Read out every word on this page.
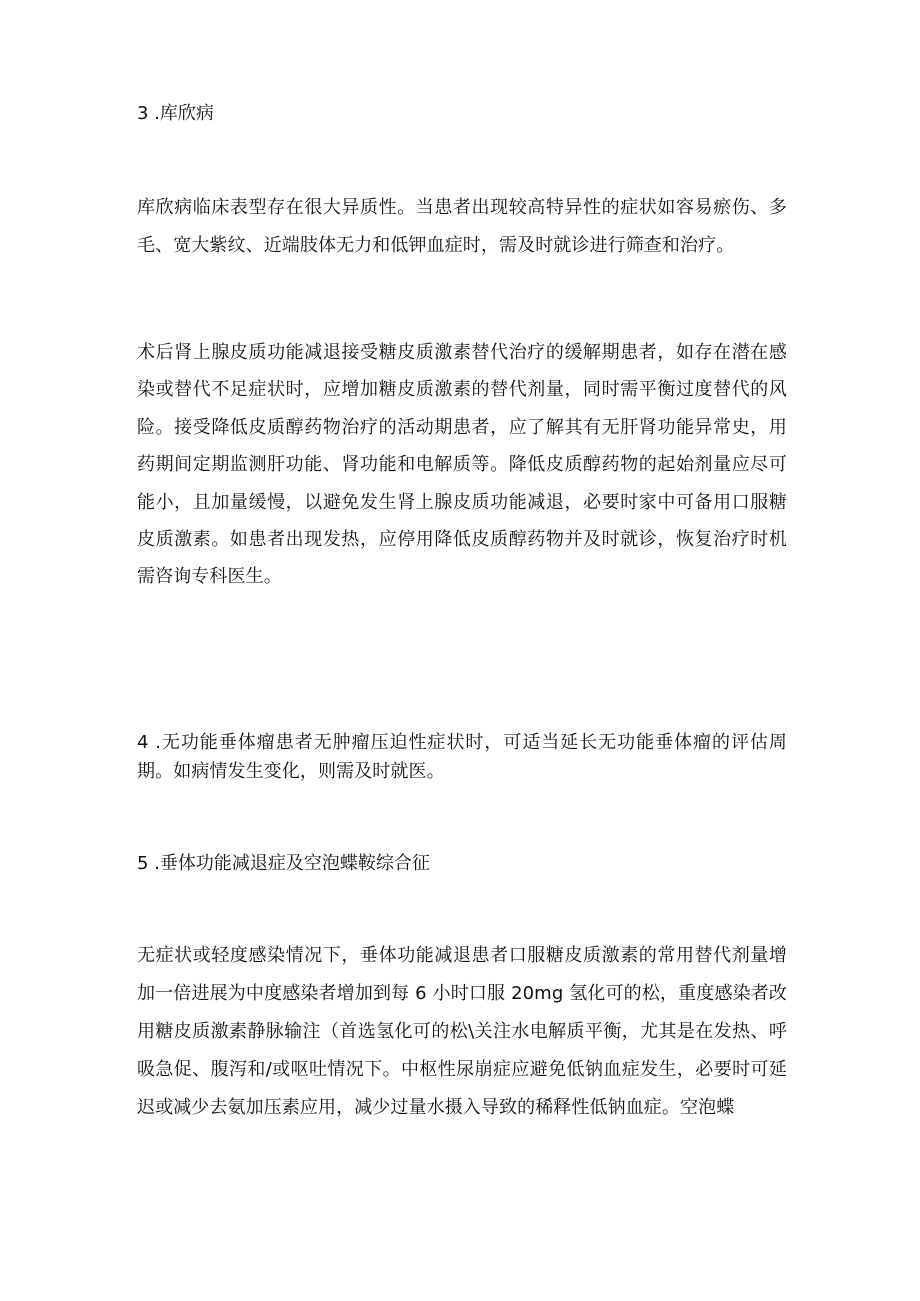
3 .库欣病
库欣病临床表型存在很大异质性。当患者出现较高特异性的症状如容易瘀伤、多毛、宽大紫纹、近端肢体无力和低钾血症时，需及时就诊进行筛查和治疗。
术后肾上腺皮质功能减退接受糖皮质激素替代治疗的缓解期患者，如存在潜在感染或替代不足症状时，应增加糖皮质激素的替代剂量，同时需平衡过度替代的风险。接受降低皮质醇药物治疗的活动期患者，应了解其有无肝肾功能异常史，用药期间定期监测肝功能、肾功能和电解质等。降低皮质醇药物的起始剂量应尽可能小，且加量缓慢，以避免发生肾上腺皮质功能减退，必要时家中可备用口服糖皮质激素。如患者出现发热，应停用降低皮质醇药物并及时就诊，恢复治疗时机需咨询专科医生。
4 .无功能垂体瘤患者无肿瘤压迫性症状时，可适当延长无功能垂体瘤的评估周期。如病情发生变化，则需及时就医。
5 .垂体功能减退症及空泡蝶鞍综合征
无症状或轻度感染情况下，垂体功能减退患者口服糖皮质激素的常用替代剂量增加一倍进展为中度感染者增加到每 6 小时口服 20mg 氢化可的松，重度感染者改用糖皮质激素静脉输注（首选氢化可的松\关注水电解质平衡，尤其是在发热、呼吸急促、腹泻和/或呕吐情况下。中枢性尿崩症应避免低钠血症发生，必要时可延迟或减少去氨加压素应用，减少过量水摄入导致的稀释性低钠血症。空泡蝶
